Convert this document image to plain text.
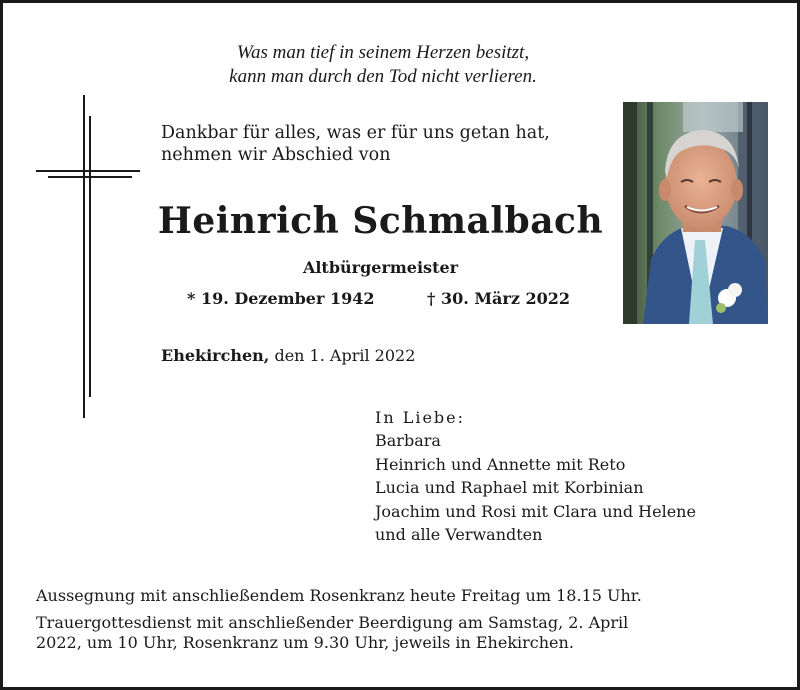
Was man tief in seinem Herzen besitzt,
kann man durch den Tod nicht verlieren.
Dankbar für alles, was er für uns getan hat,
nehmen wir Abschied von
Heinrich Schmalbach
Altbürgermeister
* 19. Dezember 1942	† 30. März 2022
Ehekirchen, den 1. April 2022
In Liebe:
Barbara
Heinrich und Annette mit Reto
Lucia und Raphael mit Korbinian
Joachim und Rosi mit Clara und Helene
und alle Verwandten
Aussegnung mit anschließendem Rosenkranz heute Freitag um 18.15 Uhr.
Trauergottesdienst mit anschließender Beerdigung am Samstag, 2. April
2022, um 10 Uhr, Rosenkranz um 9.30 Uhr, jeweils in Ehekirchen.
